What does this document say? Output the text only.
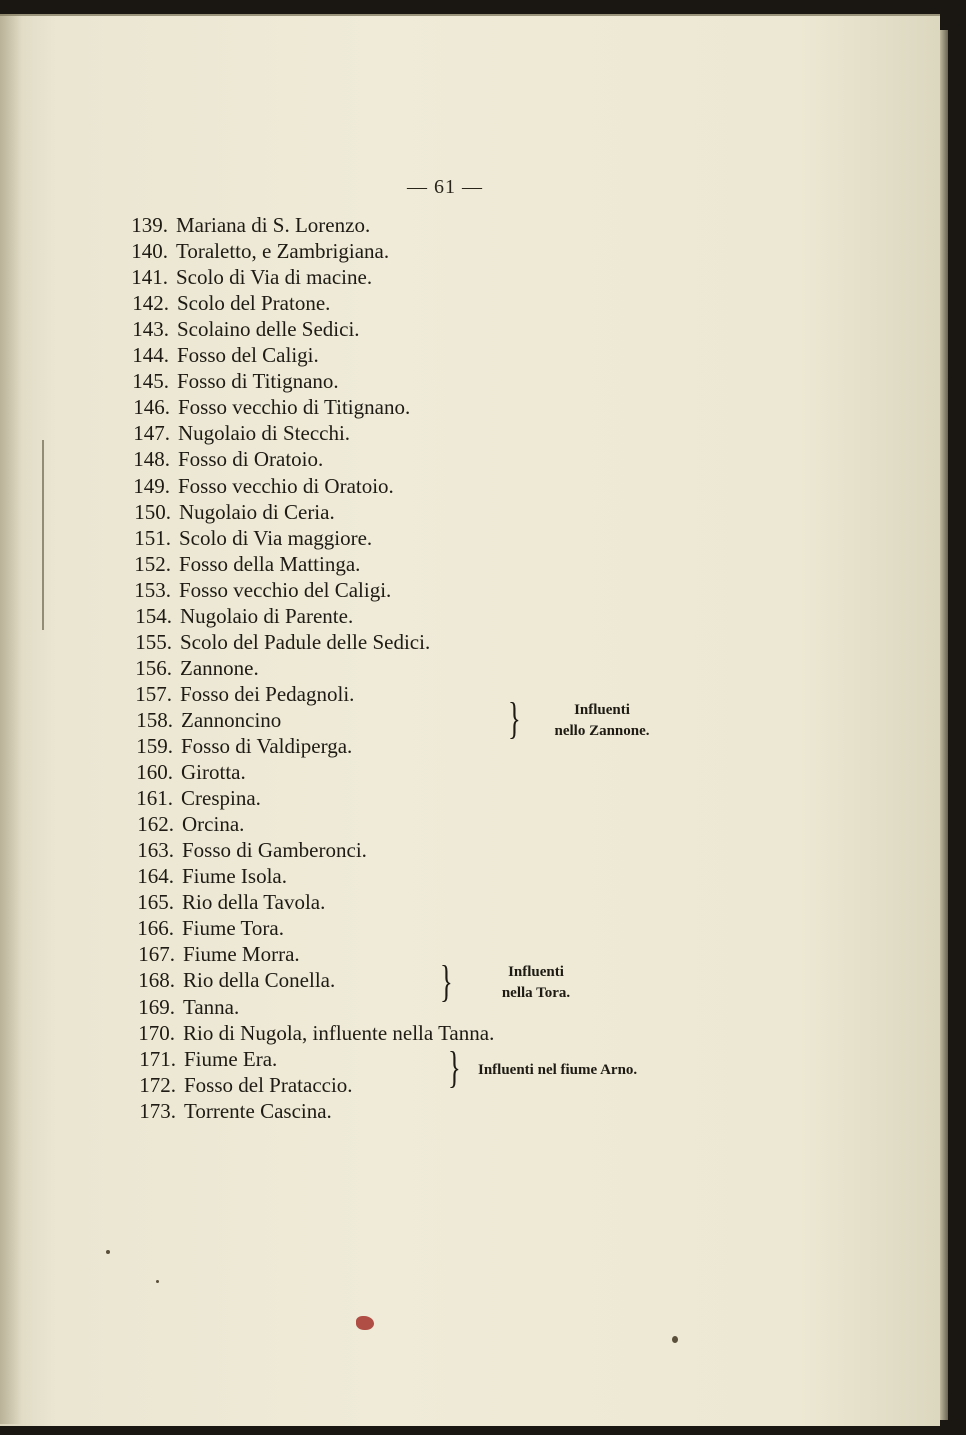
— 61 —
139. Mariana di S. Lorenzo.
140. Toraletto, e Zambrigiana.
141. Scolo di Via di macine.
142. Scolo del Pratone.
143. Scolaino delle Sedici.
144. Fosso del Caligi.
145. Fosso di Titignano.
146. Fosso vecchio di Titignano.
147. Nugolaio di Stecchi.
148. Fosso di Oratoio.
149. Fosso vecchio di Oratoio.
150. Nugolaio di Ceria.
151. Scolo di Via maggiore.
152. Fosso della Mattinga.
153. Fosso vecchio del Caligi.
154. Nugolaio di Parente.
155. Scolo del Padule delle Sedici.
156. Zannone.
157. Fosso dei Pedagnoli.
158. Zannoncino
159. Fosso di Valdiperga.
160. Girotta.
161. Crespina.
162. Orcina.
163. Fosso di Gamberonci.
164. Fiume Isola.
165. Rio della Tavola.
166. Fiume Tora.
167. Fiume Morra.
168. Rio della Conella.
169. Tanna.
170. Rio di Nugola, influente nella Tanna.
171. Fiume Era.
172. Fosso del Prataccio.
173. Torrente Cascina.
}	Influenti
nello Zannone.
}	Influenti
nella Tora.
} Influenti nel fiume Arno.
